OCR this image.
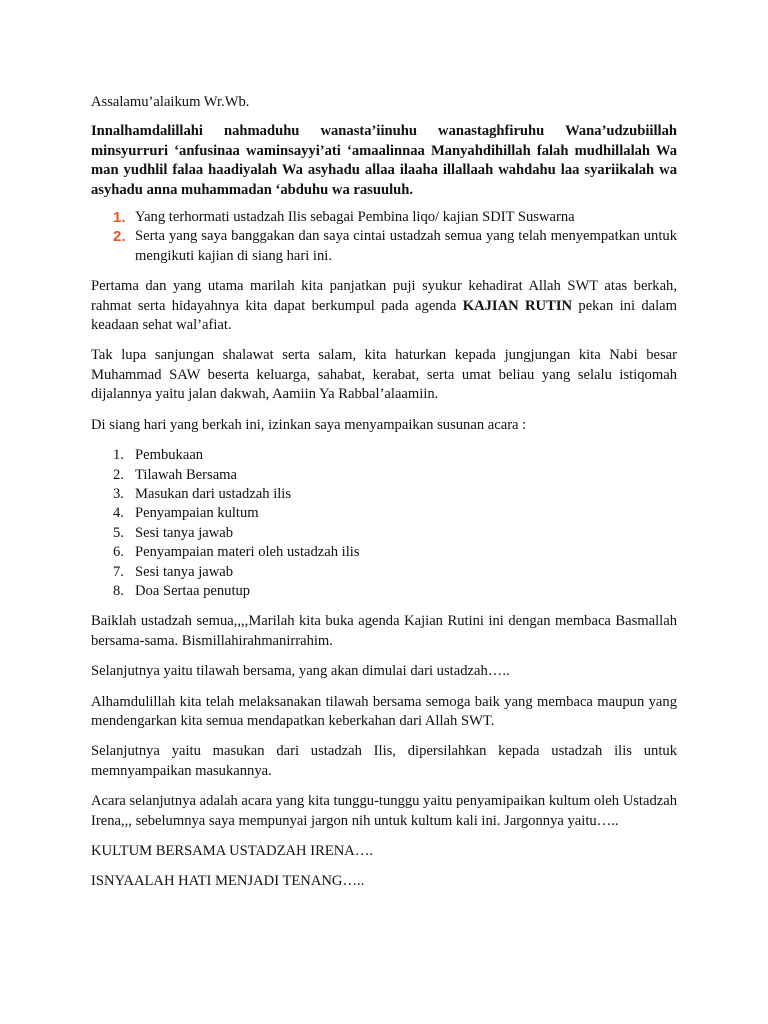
Assalamu’alaikum Wr.Wb.

Innalhamdalillahi nahmaduhu wanasta’iinuhu wanastaghfiruhu Wana’udzubiillah minsyurruri ‘anfusinaa waminsayyi’ati ‘amaalinnaa Manyahdihillah falah mudhillalah Wa man yudhlil falaa haadiyalah Wa asyhadu allaa ilaaha illallaah wahdahu laa syariikalah wa asyhadu anna muhammadan ‘abduhu wa rasuuluh.

1. Yang terhormati ustadzah Ilis sebagai Pembina liqo/ kajian SDIT Suswarna
2. Serta yang saya banggakan dan saya cintai ustadzah semua yang telah menyempatkan untuk mengikuti kajian di siang hari ini.

Pertama dan yang utama marilah kita panjatkan puji syukur kehadirat Allah SWT atas berkah, rahmat serta hidayahnya kita dapat berkumpul pada agenda KAJIAN RUTIN pekan ini dalam keadaan sehat wal’afiat.

Tak lupa sanjungan shalawat serta salam, kita haturkan kepada jungjungan kita Nabi besar Muhammad SAW beserta keluarga, sahabat, kerabat, serta umat beliau yang selalu istiqomah dijalannya yaitu jalan dakwah, Aamiin Ya Rabbal’alaamiin.

Di siang hari yang berkah ini, izinkan saya menyampaikan susunan acara :

1. Pembukaan
2. Tilawah Bersama
3. Masukan dari ustadzah ilis
4. Penyampaian kultum
5. Sesi tanya jawab
6. Penyampaian materi oleh ustadzah ilis
7. Sesi tanya jawab
8. Doa Sertaa penutup

Baiklah ustadzah semua,,,,Marilah kita buka agenda Kajian Rutini ini dengan membaca Basmallah bersama-sama. Bismillahirahmanirrahim.

Selanjutnya yaitu tilawah bersama, yang akan dimulai dari ustadzah…..

Alhamdulillah kita telah melaksanakan tilawah bersama semoga baik yang membaca maupun yang mendengarkan kita semua mendapatkan keberkahan dari Allah SWT.

Selanjutnya yaitu masukan dari ustadzah Ilis, dipersilahkan kepada ustadzah ilis untuk memnyampaikan masukannya.

Acara selanjutnya adalah acara yang kita tunggu-tunggu yaitu penyamipaikan kultum oleh Ustadzah Irena,,, sebelumnya saya mempunyai jargon nih untuk kultum kali ini. Jargonnya yaitu…..

KULTUM BERSAMA USTADZAH IRENA….

ISNYAALAH HATI MENJADI TENANG…..
